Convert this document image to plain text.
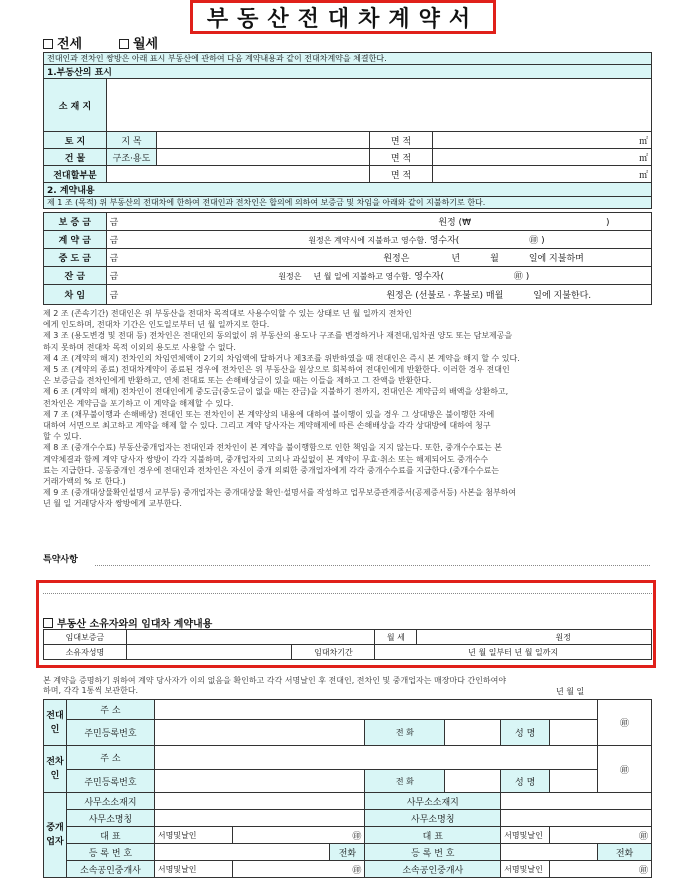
부동산전대차계약서
전세	월세
전대인과 전차인 쌍방은 아래 표시 부동산에 관하여 다음 계약내용과 같이 전대차계약을 체결한다.				
1.부동산의 표시				
소 재 지				
토 지	지 목		면 적	㎡
건 물	구조·용도		면 적	㎡
전대할부분			면 적	㎡
2. 계약내용				
제 1 조 (목적) 위 부동산의 전대차에 한하여 전대인과 전차인은 합의에 의하여 보증금 및 차임을 아래와 같이 지불하기로 한다.				
보 증 금	금 원정 (₩ )
계 약 금	금 원정은 계약시에 지불하고 영수함. 영수자( ㊞ )
중 도 금	금 원정은 년 월 일에 지불하며
잔 금	금 원정은 년 월 일에 지불하고 영수함. 영수자( ㊞ )
차 임	금 원정은 (선불로 · 후불로) 매월 일에 지불한다.
제 2 조 (존속기간) 전대인은 위 부동산을 전대차 목적대로 사용수익할 수 있는 상태로 년 월 일까지 전차인
에게 인도하며, 전대차 기간은 인도일로부터 년 월 일까지로 한다.
제 3 조 (용도변경 및 전대 등) 전차인은 전대인의 동의없이 위 부동산의 용도나 구조를 변경하거나 재전대,임차권 양도 또는 담보제공을
하지 못하며 전대차 목적 이외의 용도로 사용할 수 없다.
제 4 조 (계약의 해지) 전차인의 차임연체액이 2기의 차임액에 달하거나 제3조를 위반하였을 때 전대인은 즉시 본 계약을 해지 할 수 있다.
제 5 조 (계약의 종료) 전대차계약이 종료된 경우에 전차인은 위 부동산을 원상으로 회복하여 전대인에게 반환한다. 이러한 경우 전대인
은 보증금을 전차인에게 반환하고, 연체 전대료 또는 손해배상금이 있을 때는 이들을 제하고 그 잔액을 반환한다.
제 6 조 (계약의 해제) 전차인이 전대인에게 중도금(중도금이 없을 때는 잔금)을 지불하기 전까지, 전대인은 계약금의 배액을 상환하고,
전차인은 계약금을 포기하고 이 계약을 해제할 수 있다.
제 7 조 (채무불이행과 손해배상) 전대인 또는 전차인이 본 계약상의 내용에 대하여 불이행이 있을 경우 그 상대방은 불이행한 자에
대하여 서면으로 최고하고 계약을 해제 할 수 있다. 그리고 계약 당사자는 계약해제에 따른 손해배상을 각각 상대방에 대하여 청구
할 수 있다.
제 8 조 (중개수수료) 부동산중개업자는 전대인과 전차인이 본 계약을 불이행함으로 인한 책임을 지지 않는다. 또한, 중개수수료는 본
계약체결과 함께 계약 당사자 쌍방이 각각 지불하며, 중개업자의 고의나 과실없이 본 계약이 무효·취소 또는 해제되어도 중개수수
료는 지급한다. 공동중개인 경우에 전대인과 전차인은 자신이 중개 의뢰한 중개업자에게 각각 중개수수료를 지급한다.(중개수수료는
거래가액의 % 로 한다.)
제 9 조 (중개대상물확인설명서 교부등) 중개업자는 중개대상물 확인·설명서를 작성하고 업무보증관계증서(공제증서등) 사본을 첨부하여
년 월 일 거래당사자 쌍방에게 교부한다.
특약사항
부동산 소유자와의 임대차 계약내용
임대보증금			월 세	원정
소유자성명		임대차기간	년 월 일부터 년 월 일까지	
본 계약을 증명하기 위하여 계약 당사자가 이의 없음을 확인하고 각각 서명날인 후 전대인, 전차인 및 중개업자는 매장마다 간인하여야
하며, 각각 1통씩 보관한다.	년 월 일
전대인	주 소								㊞
	주민등록번호				전 화		성 명		
전차인	주 소								㊞
	주민등록번호				전 화		성 명		
중개업자	사무소소재지				사무소소재지				
	사무소명칭				사무소명칭				
	대 표	서명및날인	㊞		대 표		서명및날인	㊞	
	등 록 번 호			전화	등 록 번 호				전화
	소속공인중개사	서명및날인	㊞		소속공인중개사		서명및날인	㊞	
